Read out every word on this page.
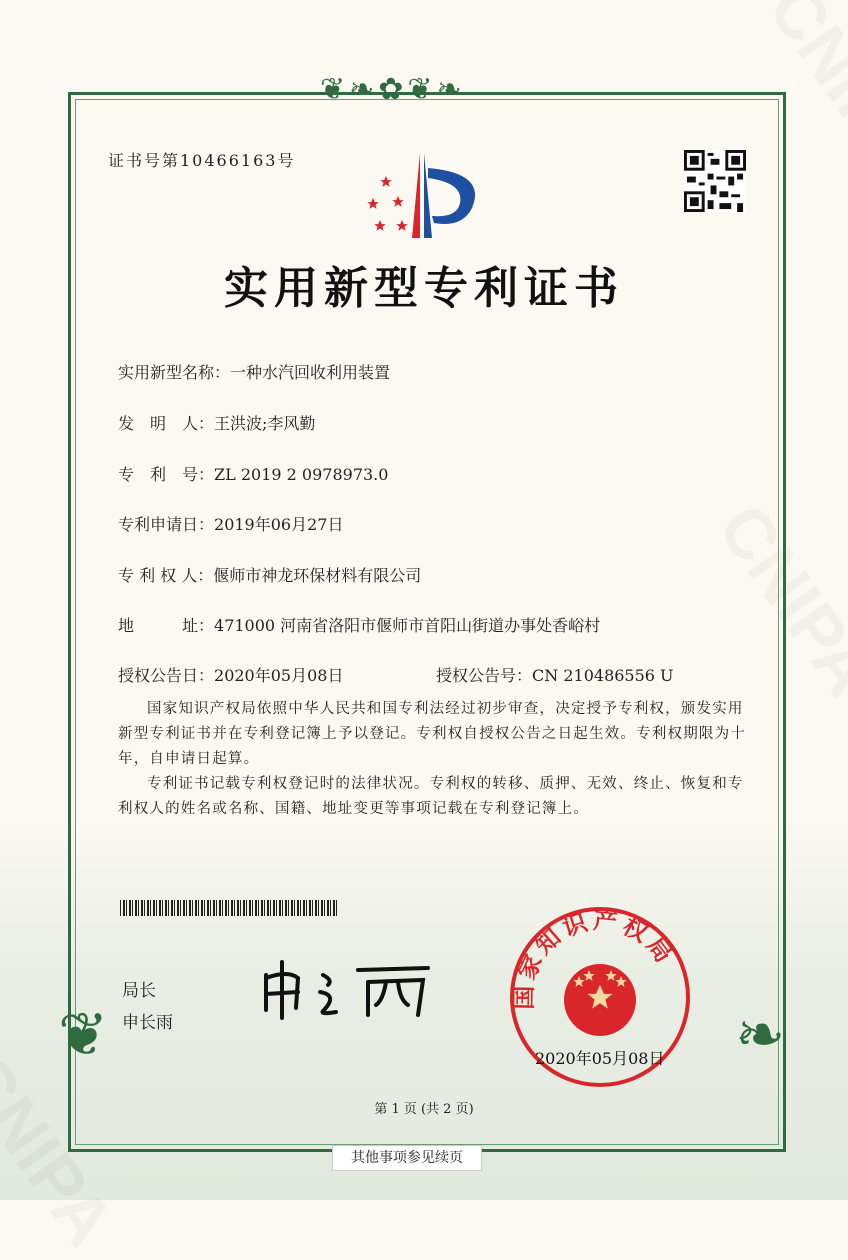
❦❧✿❦❧
❦	❧
证书号第10466163号
实用新型专利证书
实用新型名称：一种水汽回收利用装置
发　明　人：王洪波;李风勤
专　利　号：ZL 2019 2 0978973.0
专利申请日：2019年06月27日
专 利 权 人：偃师市神龙环保材料有限公司
地　　　址：471000 河南省洛阳市偃师市首阳山街道办事处香峪村
授权公告日：2020年05月08日	授权公告号：CN 210486556 U

国家知识产权局依照中华人民共和国专利法经过初步审查，决定授予专利权，颁发实用新型专利证书并在专利登记簿上予以登记。专利权自授权公告之日起生效。专利权期限为十年，自申请日起算。

专利证书记载专利权登记时的法律状况。专利权的转移、质押、无效、终止、恢复和专利权人的姓名或名称、国籍、地址变更等事项记载在专利登记簿上。

局长
申长雨
国家知识产权局
2020年05月08日
第 1 页 (共 2 页)
其他事项参见续页
